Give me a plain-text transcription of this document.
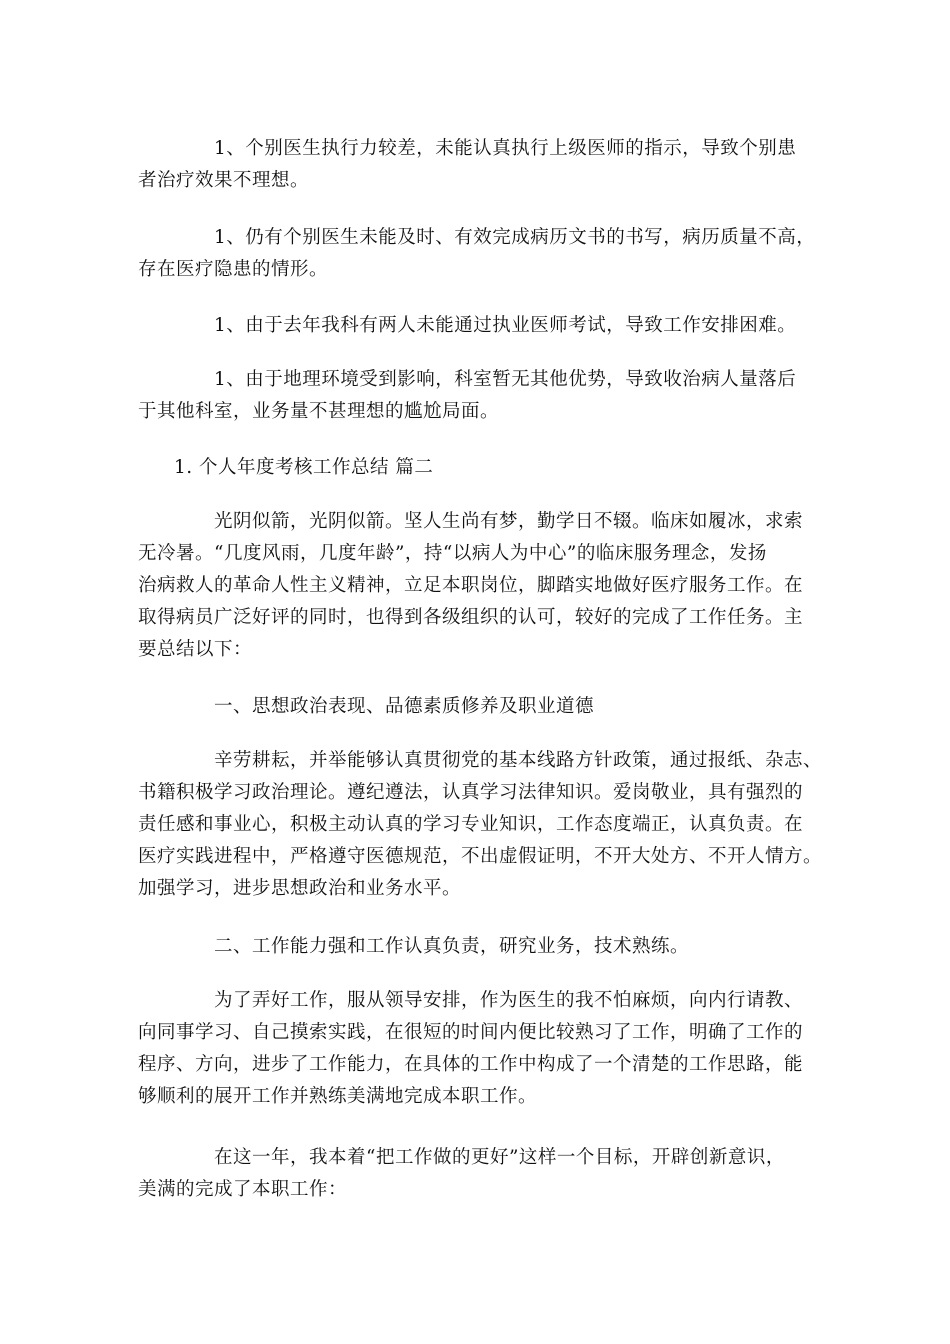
1、个别医生执行力较差，未能认真执行上级医师的指示，导致个别患
者治疗效果不理想。
1、仍有个别医生未能及时、有效完成病历文书的书写，病历质量不高，
存在医疗隐患的情形。
1、由于去年我科有两人未能通过执业医师考试，导致工作安排困难。
1、由于地理环境受到影响，科室暂无其他优势，导致收治病人量落后
于其他科室，业务量不甚理想的尴尬局面。
1. 个人年度考核工作总结 篇二
光阴似箭，光阴似箭。坚人生尚有梦，勤学日不辍。临床如履冰，求索
无冷暑。“几度风雨，几度年龄”，持“以病人为中心”的临床服务理念，发扬
治病救人的革命人性主义精神，立足本职岗位，脚踏实地做好医疗服务工作。在
取得病员广泛好评的同时，也得到各级组织的认可，较好的完成了工作任务。主
要总结以下：
一、思想政治表现、品德素质修养及职业道德
辛劳耕耘，并举能够认真贯彻党的基本线路方针政策，通过报纸、杂志、
书籍积极学习政治理论。遵纪遵法，认真学习法律知识。爱岗敬业，具有强烈的
责任感和事业心，积极主动认真的学习专业知识，工作态度端正，认真负责。在
医疗实践进程中，严格遵守医德规范，不出虚假证明，不开大处方、不开人情方。
加强学习，进步思想政治和业务水平。
二、工作能力强和工作认真负责，研究业务，技术熟练。
为了弄好工作，服从领导安排，作为医生的我不怕麻烦，向内行请教、
向同事学习、自己摸索实践，在很短的时间内便比较熟习了工作，明确了工作的
程序、方向，进步了工作能力，在具体的工作中构成了一个清楚的工作思路，能
够顺利的展开工作并熟练美满地完成本职工作。
在这一年，我本着“把工作做的更好”这样一个目标，开辟创新意识，
美满的完成了本职工作：
